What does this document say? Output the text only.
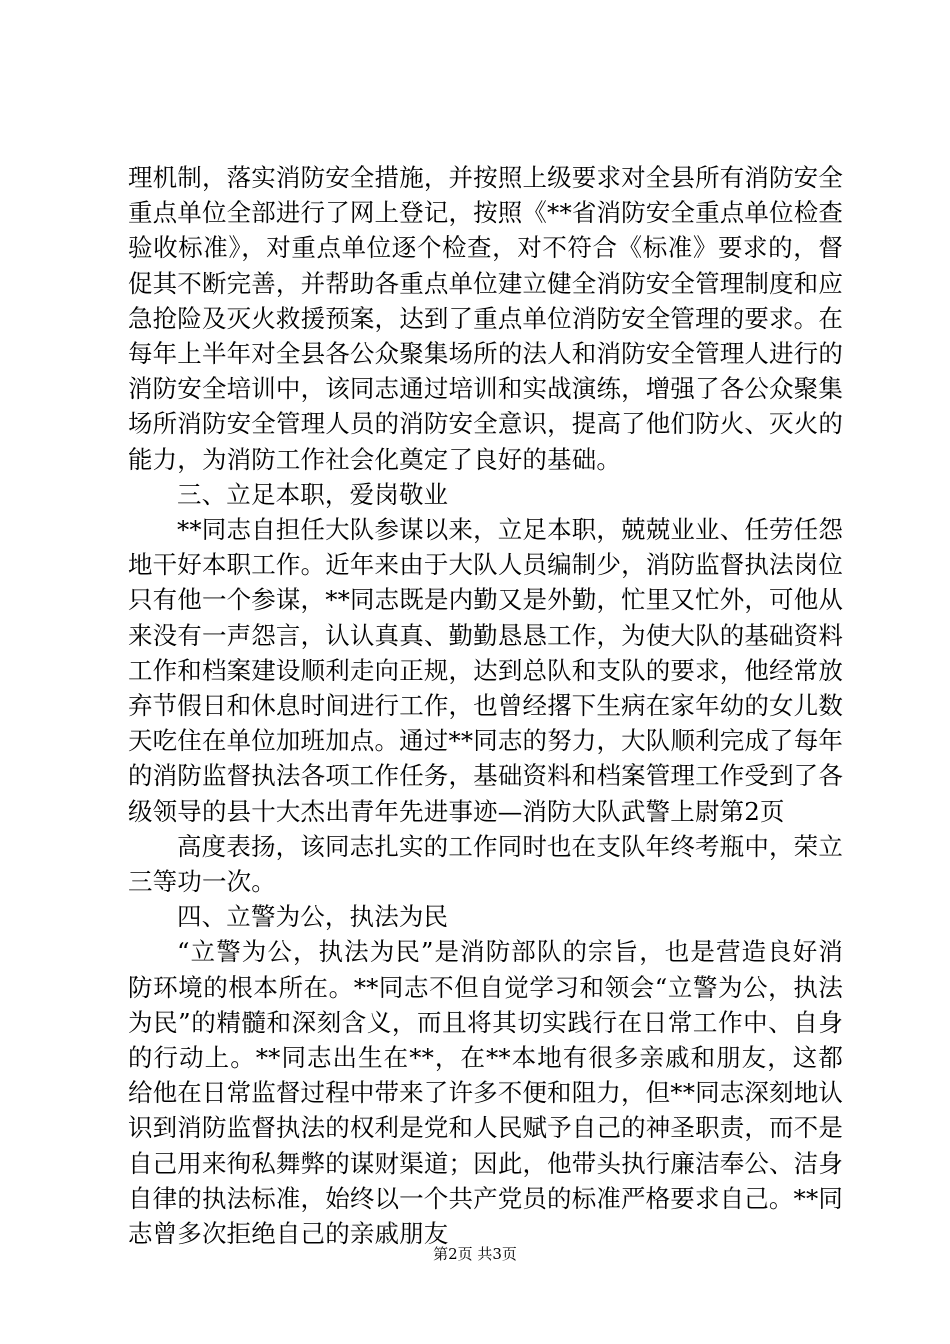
理机制，落实消防安全措施，并按照上级要求对全县所有消防安全重点单位全部进行了网上登记，按照《**省消防安全重点单位检查验收标准》，对重点单位逐个检查，对不符合《标准》要求的，督促其不断完善，并帮助各重点单位建立健全消防安全管理制度和应急抢险及灭火救援预案，达到了重点单位消防安全管理的要求。在每年上半年对全县各公众聚集场所的法人和消防安全管理人进行的消防安全培训中，该同志通过培训和实战演练，增强了各公众聚集场所消防安全管理人员的消防安全意识，提高了他们防火、灭火的能力，为消防工作社会化奠定了良好的基础。

三、立足本职，爱岗敬业

**同志自担任大队参谋以来，立足本职，兢兢业业、任劳任怨地干好本职工作。近年来由于大队人员编制少，消防监督执法岗位只有他一个参谋，**同志既是内勤又是外勤，忙里又忙外，可他从来没有一声怨言，认认真真、勤勤恳恳工作，为使大队的基础资料工作和档案建设顺利走向正规，达到总队和支队的要求，他经常放弃节假日和休息时间进行工作，也曾经撂下生病在家年幼的女儿数天吃住在单位加班加点。通过**同志的努力，大队顺利完成了每年的消防监督执法各项工作任务，基础资料和档案管理工作受到了各级领导的县十大杰出青年先进事迹—消防大队武警上尉第2页

高度表扬，该同志扎实的工作同时也在支队年终考瓶中，荣立三等功一次。

四、立警为公，执法为民

“立警为公，执法为民”是消防部队的宗旨，也是营造良好消防环境的根本所在。**同志不但自觉学习和领会“立警为公，执法为民”的精髓和深刻含义，而且将其切实践行在日常工作中、自身的行动上。**同志出生在**，在**本地有很多亲戚和朋友，这都给他在日常监督过程中带来了许多不便和阻力，但**同志深刻地认识到消防监督执法的权利是党和人民赋予自己的神圣职责，而不是自己用来徇私舞弊的谋财渠道；因此，他带头执行廉洁奉公、洁身自律的执法标准，始终以一个共产党员的标准严格要求自己。**同志曾多次拒绝自己的亲戚朋友

第2页 共3页
